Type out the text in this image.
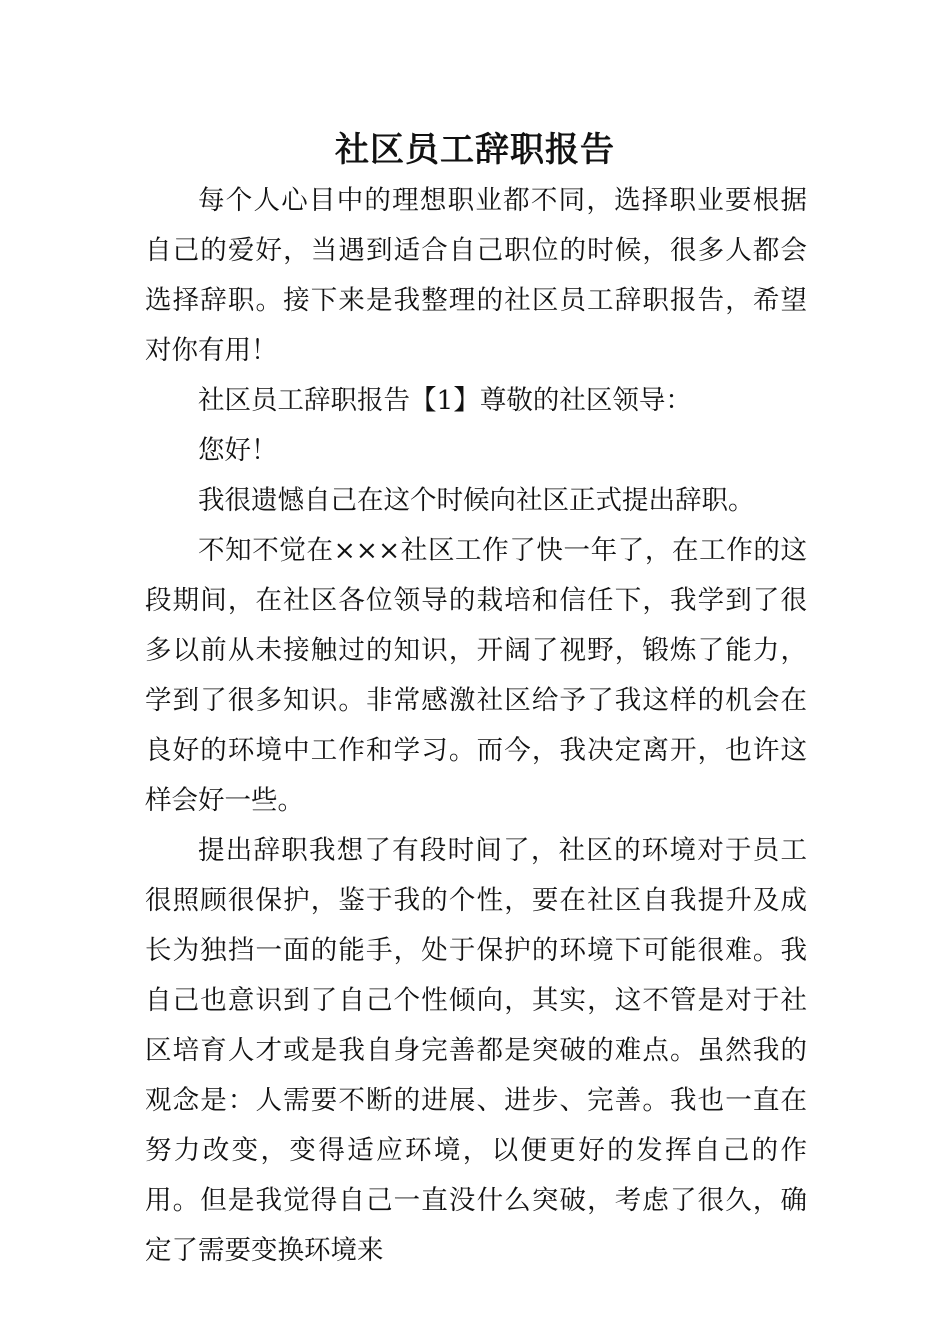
社区员工辞职报告

每个人心目中的理想职业都不同，选择职业要根据自己的爱好，当遇到适合自己职位的时候，很多人都会选择辞职。接下来是我整理的社区员工辞职报告，希望对你有用！

社区员工辞职报告【1】尊敬的社区领导：

您好！

我很遗憾自己在这个时候向社区正式提出辞职。

不知不觉在×××社区工作了快一年了，在工作的这段期间，在社区各位领导的栽培和信任下，我学到了很多以前从未接触过的知识，开阔了视野，锻炼了能力，学到了很多知识。非常感激社区给予了我这样的机会在良好的环境中工作和学习。而今，我决定离开，也许这样会好一些。

提出辞职我想了有段时间了，社区的环境对于员工很照顾很保护，鉴于我的个性，要在社区自我提升及成长为独挡一面的能手，处于保护的环境下可能很难。我自己也意识到了自己个性倾向，其实，这不管是对于社区培育人才或是我自身完善都是突破的难点。虽然我的观念是：人需要不断的进展、进步、完善。我也一直在努力改变，变得适应环境，以便更好的发挥自己的作用。但是我觉得自己一直没什么突破，考虑了很久，确定了需要变换环境来
